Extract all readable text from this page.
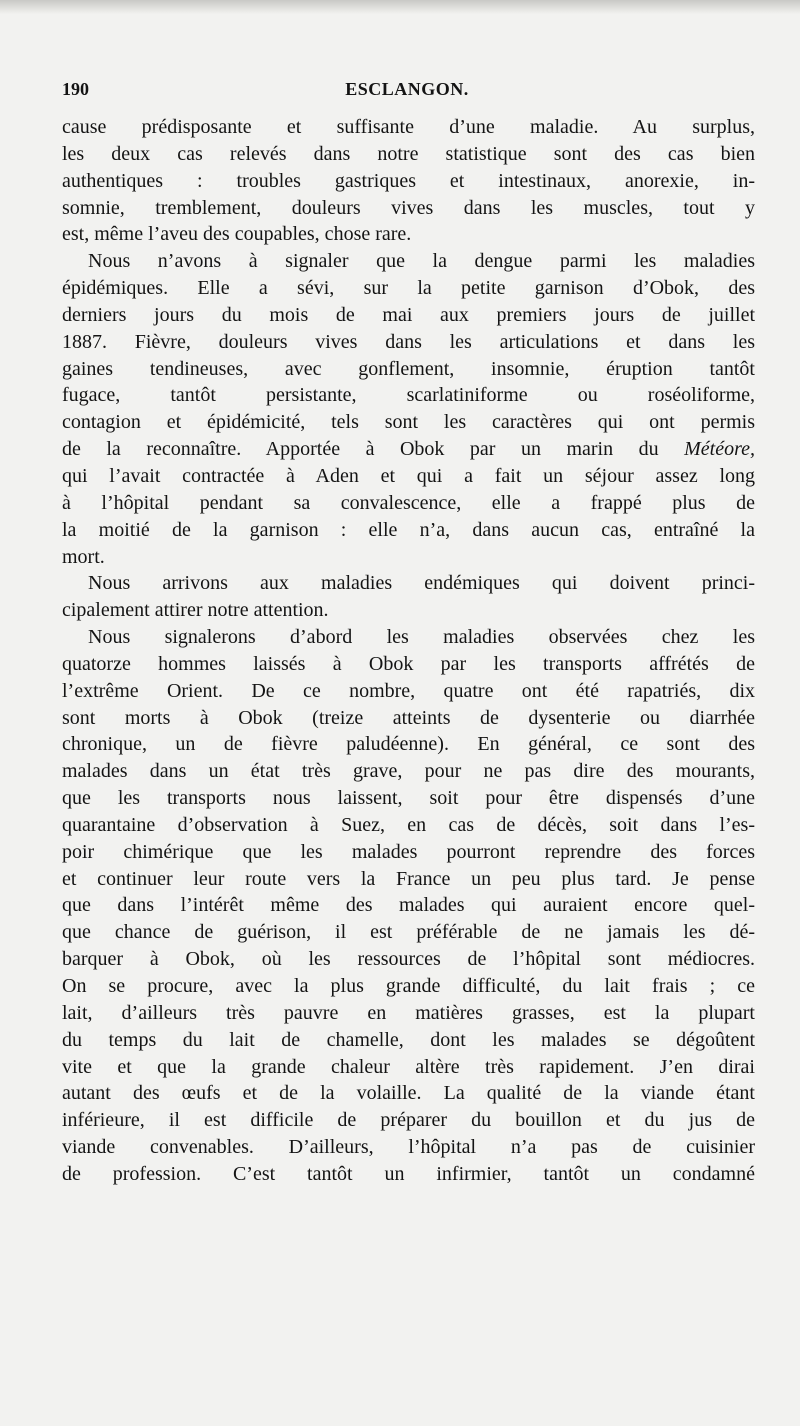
190	ESCLANGON.
cause prédisposante et suffisante d’une maladie. Au surplus,
les deux cas relevés dans notre statistique sont des cas bien
authentiques : troubles gastriques et intestinaux, anorexie, in-
somnie, tremblement, douleurs vives dans les muscles, tout y
est, même l’aveu des coupables, chose rare.
Nous n’avons à signaler que la dengue parmi les maladies
épidémiques. Elle a sévi, sur la petite garnison d’Obok, des
derniers jours du mois de mai aux premiers jours de juillet
1887. Fièvre, douleurs vives dans les articulations et dans les
gaines tendineuses, avec gonflement, insomnie, éruption tantôt
fugace, tantôt persistante, scarlatiniforme ou roséoliforme,
contagion et épidémicité, tels sont les caractères qui ont permis
de la reconnaître. Apportée à Obok par un marin du Météore,
qui l’avait contractée à Aden et qui a fait un séjour assez long
à l’hôpital pendant sa convalescence, elle a frappé plus de
la moitié de la garnison : elle n’a, dans aucun cas, entraîné la
mort.
Nous arrivons aux maladies endémiques qui doivent princi-
cipalement attirer notre attention.
Nous signalerons d’abord les maladies observées chez les
quatorze hommes laissés à Obok par les transports affrétés de
l’extrême Orient. De ce nombre, quatre ont été rapatriés, dix
sont morts à Obok (treize atteints de dysenterie ou diarrhée
chronique, un de fièvre paludéenne). En général, ce sont des
malades dans un état très grave, pour ne pas dire des mourants,
que les transports nous laissent, soit pour être dispensés d’une
quarantaine d’observation à Suez, en cas de décès, soit dans l’es-
poir chimérique que les malades pourront reprendre des forces
et continuer leur route vers la France un peu plus tard. Je pense
que dans l’intérêt même des malades qui auraient encore quel-
que chance de guérison, il est préférable de ne jamais les dé-
barquer à Obok, où les ressources de l’hôpital sont médiocres.
On se procure, avec la plus grande difficulté, du lait frais ; ce
lait, d’ailleurs très pauvre en matières grasses, est la plupart
du temps du lait de chamelle, dont les malades se dégoûtent
vite et que la grande chaleur altère très rapidement. J’en dirai
autant des œufs et de la volaille. La qualité de la viande étant
inférieure, il est difficile de préparer du bouillon et du jus de
viande convenables. D’ailleurs, l’hôpital n’a pas de cuisinier
de profession. C’est tantôt un infirmier, tantôt un condamné
